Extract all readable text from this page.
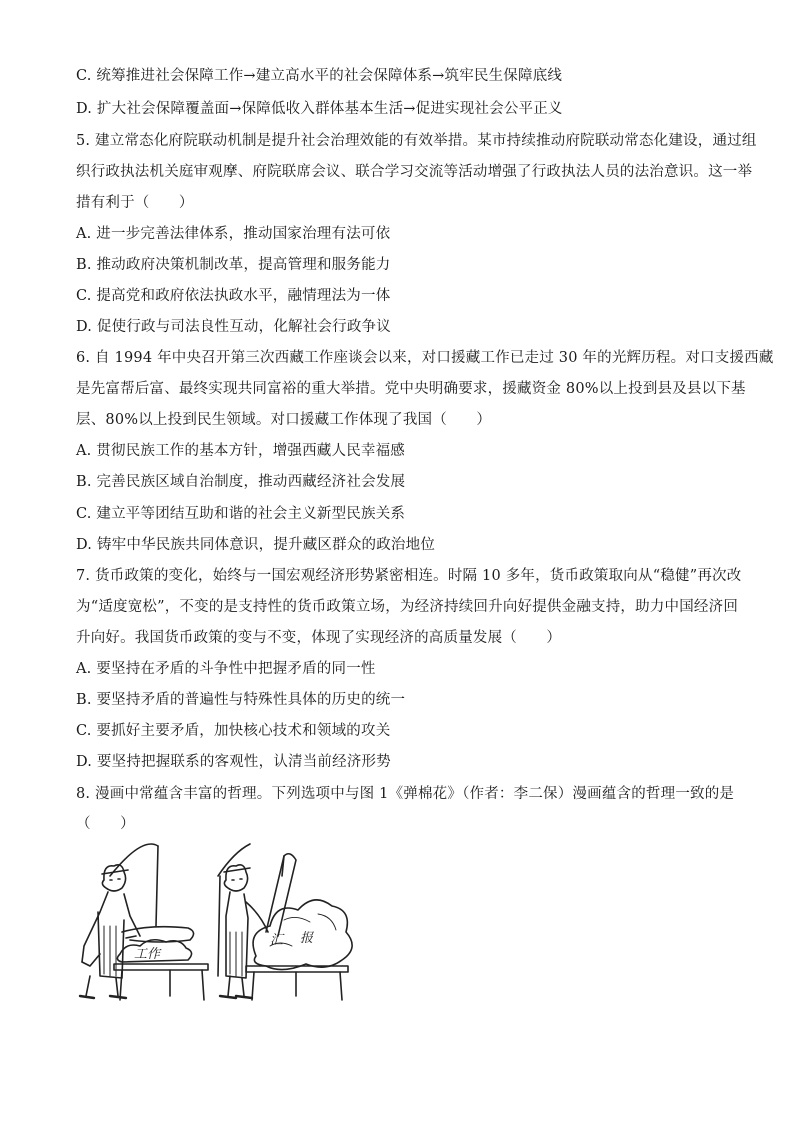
C. 统筹推进社会保障工作→建立高水平的社会保障体系→筑牢民生保障底线
D. 扩大社会保障覆盖面→保障低收入群体基本生活→促进实现社会公平正义
5. 建立常态化府院联动机制是提升社会治理效能的有效举措。某市持续推动府院联动常态化建设，通过组
织行政执法机关庭审观摩、府院联席会议、联合学习交流等活动增强了行政执法人员的法治意识。这一举
措有利于（　　）
A. 进一步完善法律体系，推动国家治理有法可依
B. 推动政府决策机制改革，提高管理和服务能力
C. 提高党和政府依法执政水平，融情理法为一体
D. 促使行政与司法良性互动，化解社会行政争议
6. 自 1994 年中央召开第三次西藏工作座谈会以来，对口援藏工作已走过 30 年的光辉历程。对口支援西藏
是先富帮后富、最终实现共同富裕的重大举措。党中央明确要求，援藏资金 80%以上投到县及县以下基
层、80%以上投到民生领域。对口援藏工作体现了我国（　　）
A. 贯彻民族工作的基本方针，增强西藏人民幸福感
B. 完善民族区域自治制度，推动西藏经济社会发展
C. 建立平等团结互助和谐的社会主义新型民族关系
D. 铸牢中华民族共同体意识，提升藏区群众的政治地位
7. 货币政策的变化，始终与一国宏观经济形势紧密相连。时隔 10 多年，货币政策取向从“稳健”再次改
为“适度宽松”，不变的是支持性的货币政策立场，为经济持续回升向好提供金融支持，助力中国经济回
升向好。我国货币政策的变与不变，体现了实现经济的高质量发展（　　）
A. 要坚持在矛盾的斗争性中把握矛盾的同一性
B. 要坚持矛盾的普遍性与特殊性具体的历史的统一
C. 要抓好主要矛盾，加快核心技术和领域的攻关
D. 要坚持把握联系的客观性，认清当前经济形势
8. 漫画中常蕴含丰富的哲理。下列选项中与图 1《弹棉花》（作者：李二保）漫画蕴含的哲理一致的是
（　　）
工作
汇 报
